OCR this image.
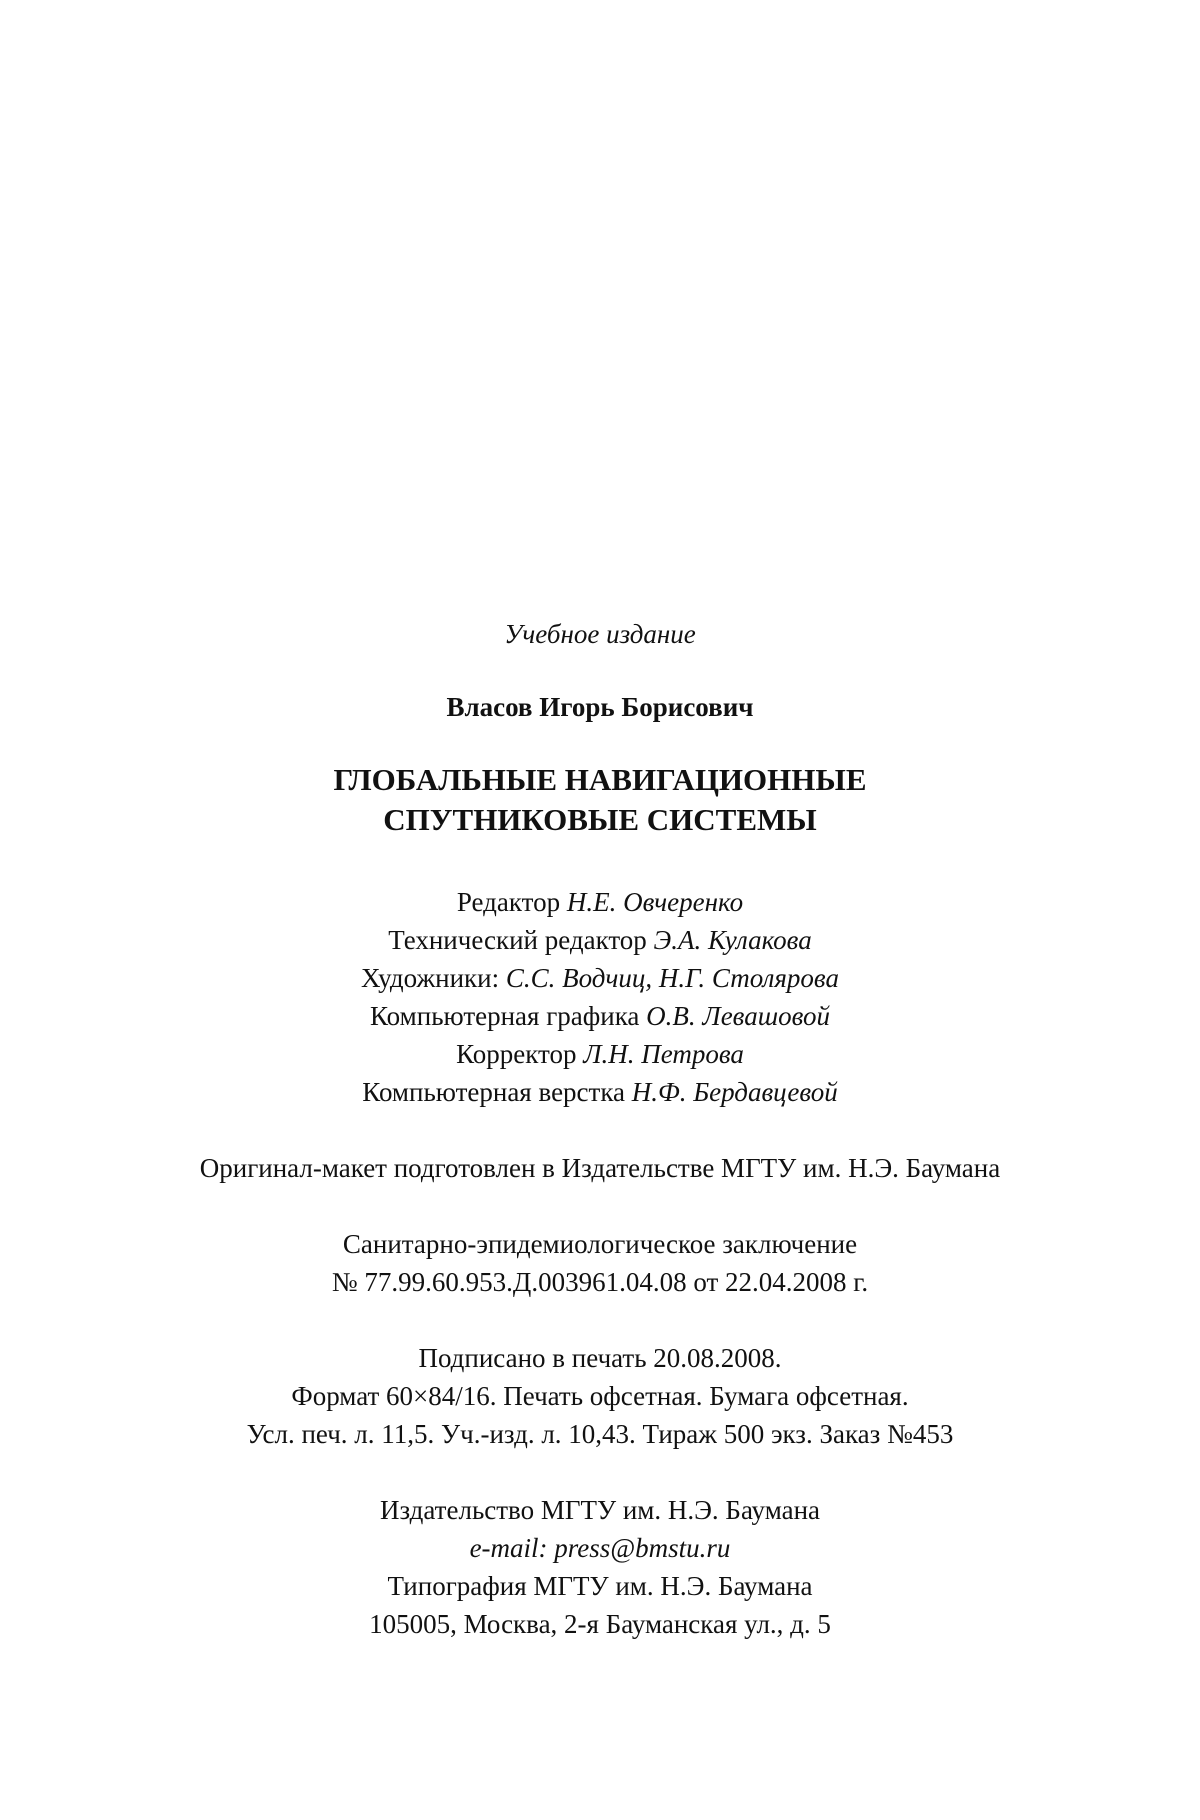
Учебное издание
Власов Игорь Борисович
ГЛОБАЛЬНЫЕ НАВИГАЦИОННЫЕ
СПУТНИКОВЫЕ СИСТЕМЫ
Редактор Н.Е. Овчеренко
Технический редактор Э.А. Кулакова
Художники: С.С. Водчиц, Н.Г. Столярова
Компьютерная графика О.В. Левашовой
Корректор Л.Н. Петрова
Компьютерная верстка Н.Ф. Бердавцевой
Оригинал-макет подготовлен в Издательстве МГТУ им. Н.Э. Баумана
Санитарно-эпидемиологическое заключение
№ 77.99.60.953.Д.003961.04.08 от 22.04.2008 г.
Подписано в печать 20.08.2008.
Формат 60×84/16. Печать офсетная. Бумага офсетная.
Усл. печ. л. 11,5. Уч.-изд. л. 10,43. Тираж 500 экз. Заказ №453
Издательство МГТУ им. Н.Э. Баумана
e-mail: press@bmstu.ru
Типография МГТУ им. Н.Э. Баумана
105005, Москва, 2-я Бауманская ул., д. 5
